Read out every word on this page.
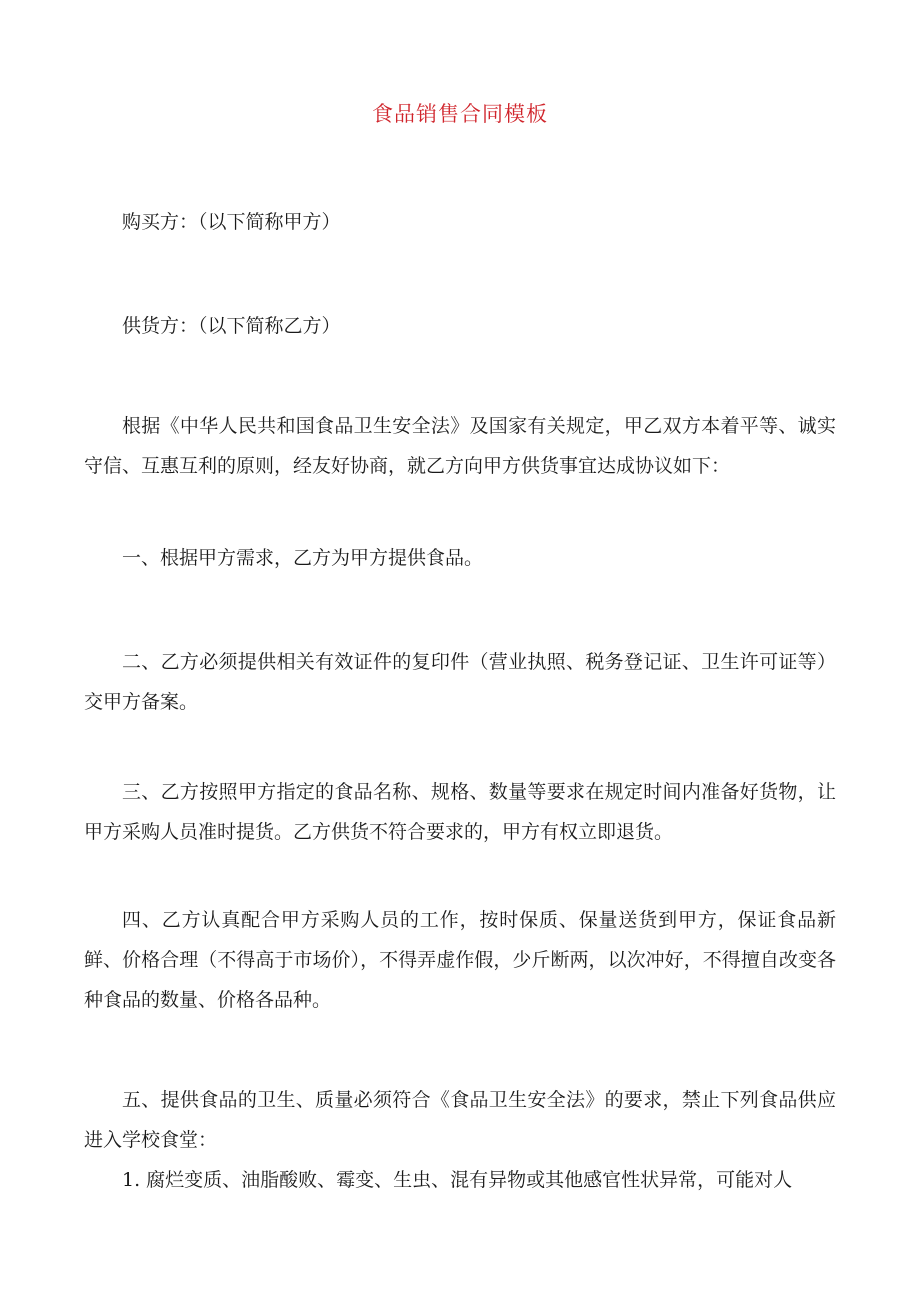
食品销售合同模板

购买方：（以下简称甲方）

供货方：（以下简称乙方）

根据《中华人民共和国食品卫生安全法》及国家有关规定，甲乙双方本着平等、诚实守信、互惠互利的原则，经友好协商，就乙方向甲方供货事宜达成协议如下：

一、根据甲方需求，乙方为甲方提供食品。

二、乙方必须提供相关有效证件的复印件（营业执照、税务登记证、卫生许可证等）交甲方备案。

三、乙方按照甲方指定的食品名称、规格、数量等要求在规定时间内准备好货物，让甲方采购人员准时提货。乙方供货不符合要求的，甲方有权立即退货。

四、乙方认真配合甲方采购人员的工作，按时保质、保量送货到甲方，保证食品新鲜、价格合理（不得高于市场价），不得弄虚作假，少斤断两，以次冲好，不得擅自改变各种食品的数量、价格各品种。

五、提供食品的卫生、质量必须符合《食品卫生安全法》的要求，禁止下列食品供应进入学校食堂：

1. 腐烂变质、油脂酸败、霉变、生虫、混有异物或其他感官性状异常，可能对人
